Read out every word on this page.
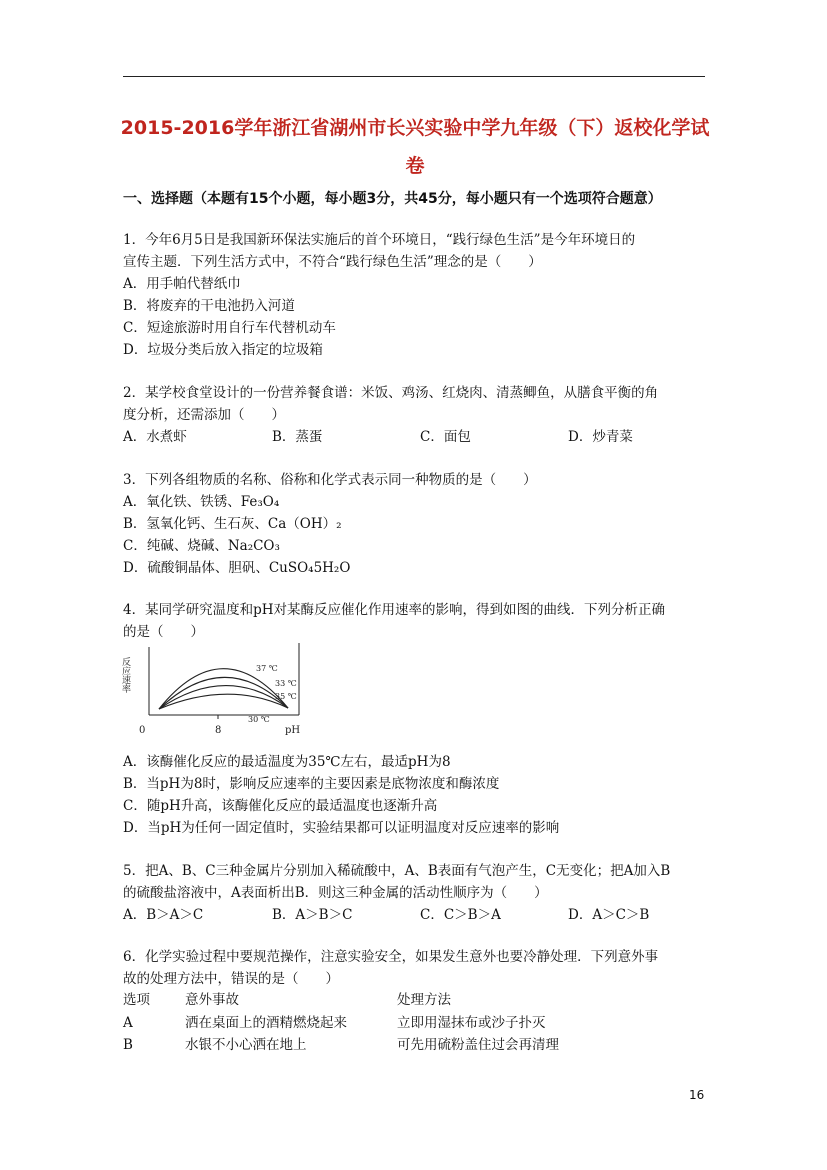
2015-2016学年浙江省湖州市长兴实验中学九年级（下）返校化学试
卷
一、选择题（本题有15个小题，每小题3分，共45分，每小题只有一个选项符合题意）
1．今年6月5日是我国新环保法实施后的首个环境日，“践行绿色生活”是今年环境日的
宣传主题．下列生活方式中，不符合“践行绿色生活”理念的是（　　）
A．用手帕代替纸巾
B．将废弃的干电池扔入河道
C．短途旅游时用自行车代替机动车
D．垃圾分类后放入指定的垃圾箱
2．某学校食堂设计的一份营养餐食谱：米饭、鸡汤、红烧肉、清蒸鲫鱼，从膳食平衡的角
度分析，还需添加（　　）
A．水煮虾	B．蒸蛋	C．面包	D．炒青菜
3．下列各组物质的名称、俗称和化学式表示同一种物质的是（　　）
A．氧化铁、铁锈、Fe₃O₄
B．氢氧化钙、生石灰、Ca（OH）₂
C．纯碱、烧碱、Na₂CO₃
D．硫酸铜晶体、胆矾、CuSO₄5H₂O
4．某同学研究温度和pH对某酶反应催化作用速率的影响，得到如图的曲线．下列分析正确
的是（　　）
反应速率
0	8	pH
37 ℃
33 ℃
35 ℃
30 ℃
A．该酶催化反应的最适温度为35℃左右，最适pH为8
B．当pH为8时，影响反应速率的主要因素是底物浓度和酶浓度
C．随pH升高，该酶催化反应的最适温度也逐渐升高
D．当pH为任何一固定值时，实验结果都可以证明温度对反应速率的影响
5．把A、B、C三种金属片分别加入稀硫酸中，A、B表面有气泡产生，C无变化；把A加入B
的硫酸盐溶液中，A表面析出B．则这三种金属的活动性顺序为（　　）
A．B＞A＞C	B．A＞B＞C	C．C＞B＞A	D．A＞C＞B
6．化学实验过程中要规范操作，注意实验安全，如果发生意外也要冷静处理．下列意外事
故的处理方法中，错误的是（　　）
选项	意外事故	处理方法
A	洒在桌面上的酒精燃烧起来	立即用湿抹布或沙子扑灭
B	水银不小心洒在地上	可先用硫粉盖住过会再清理
16
